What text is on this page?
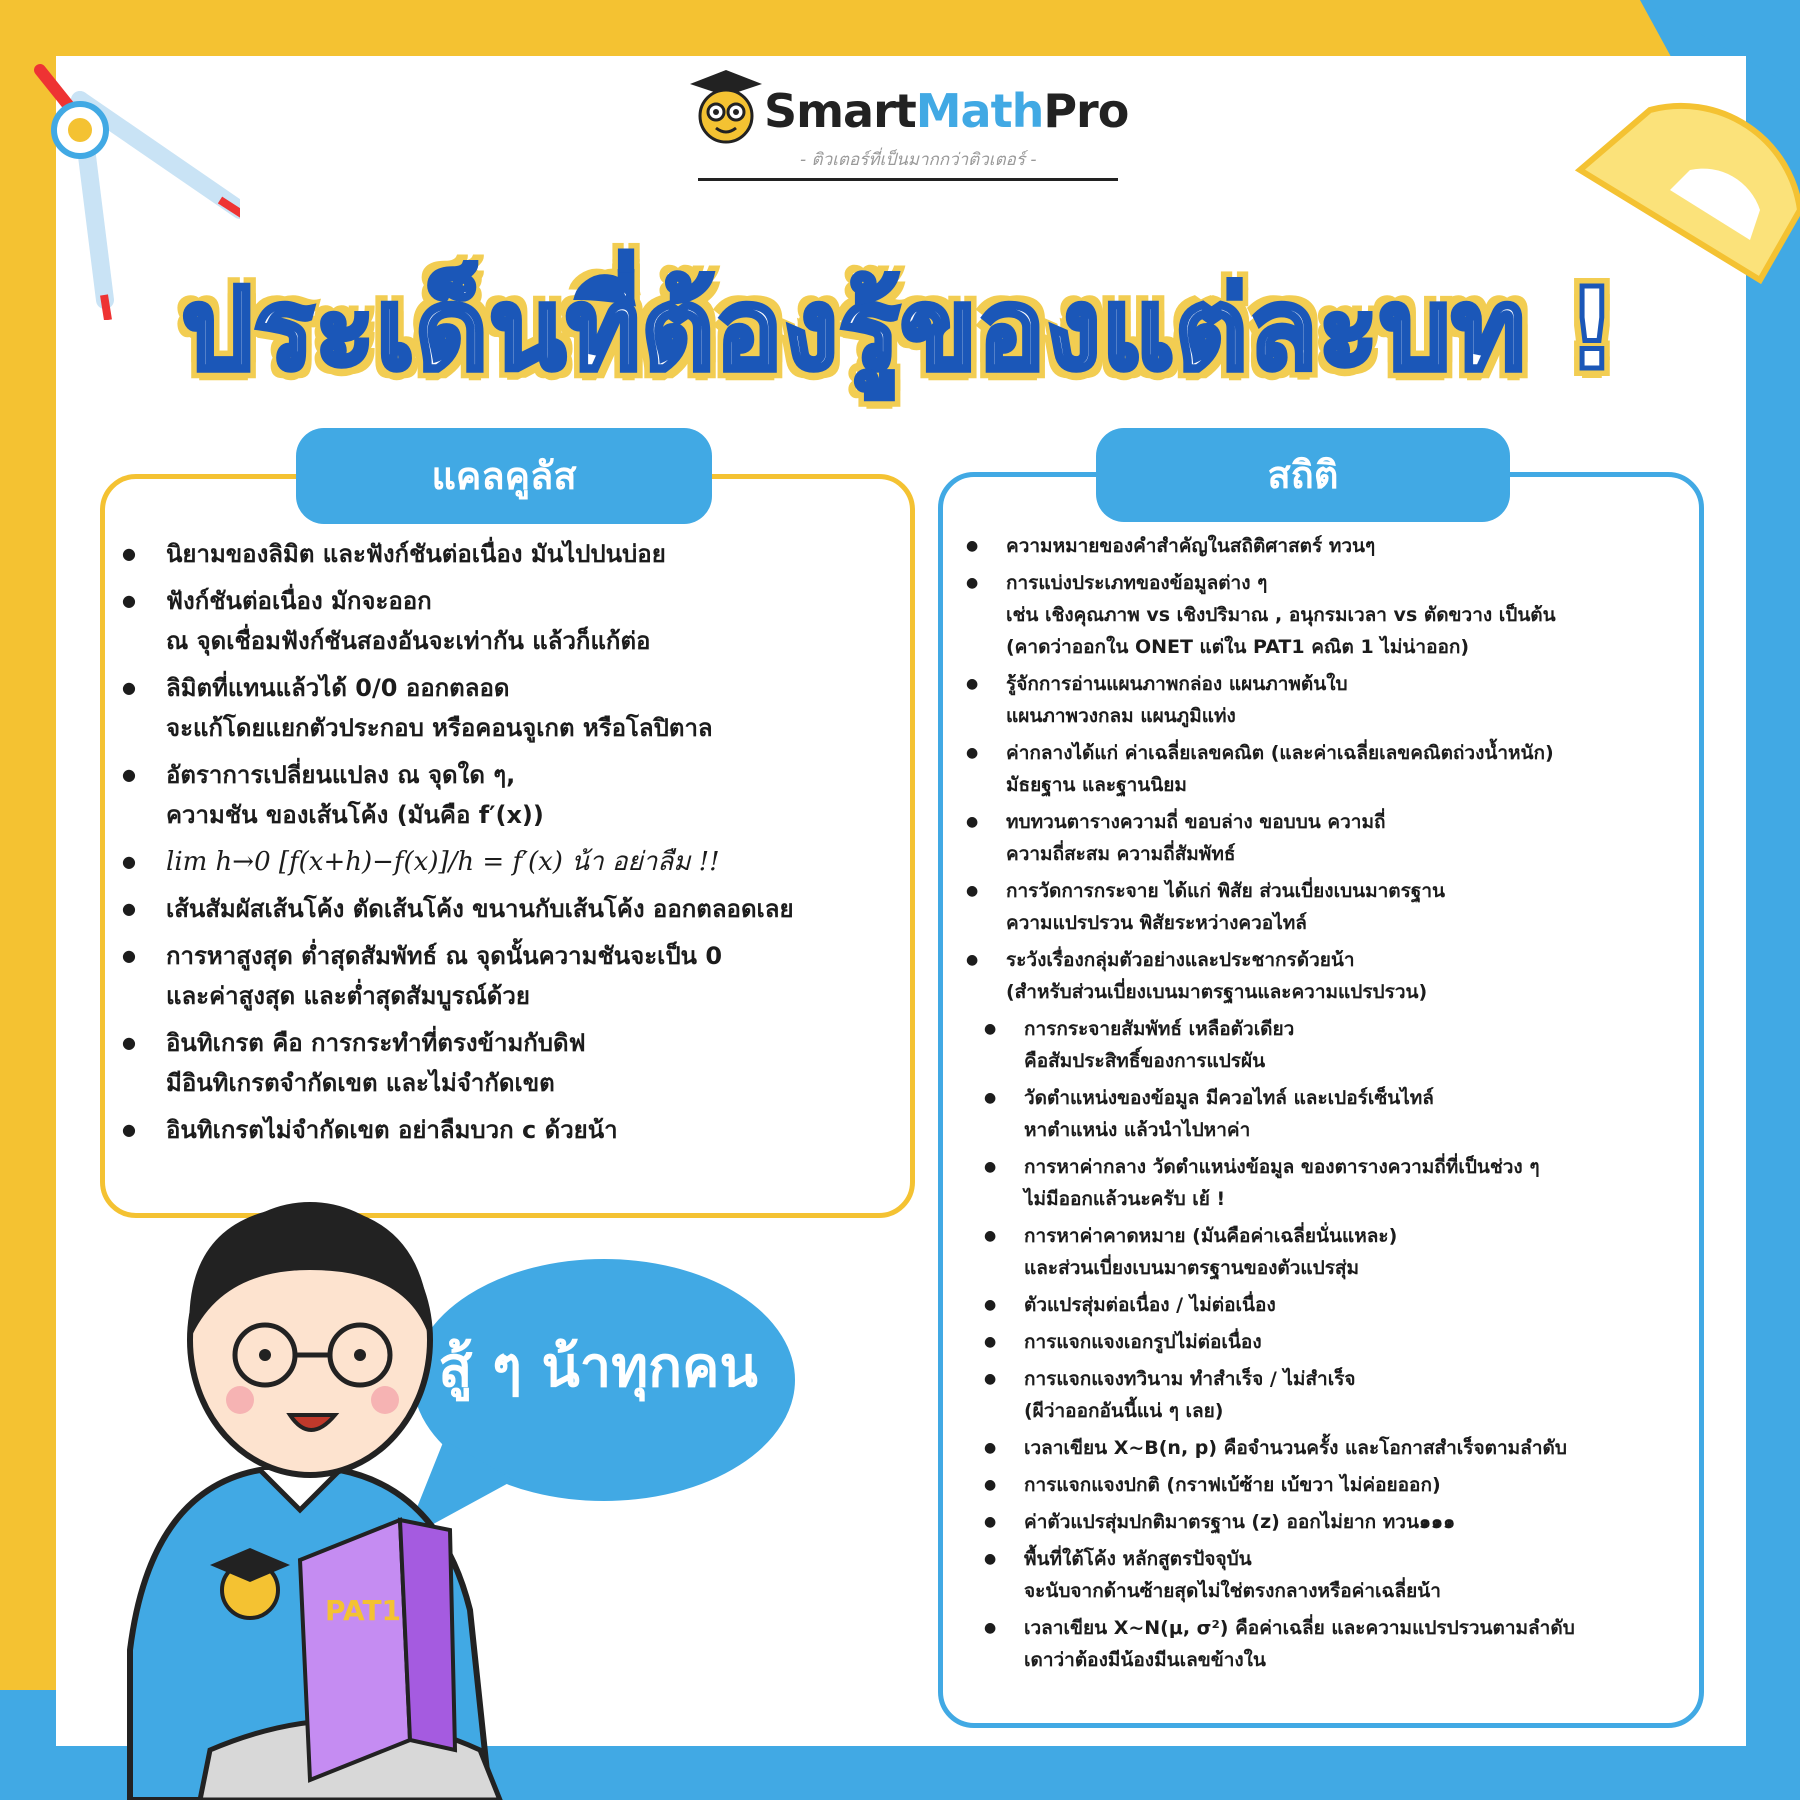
SmartMathPro
- ติวเตอร์ที่เป็นมากกว่าติวเตอร์ -
ประเด็นที่ต้องรู้ของแต่ละบท !
แคลคูลัส
● นิยามของลิมิต และฟังก์ชันต่อเนื่อง มันไปปนบ่อย
● ฟังก์ชันต่อเนื่อง มักจะออก
ณ จุดเชื่อมฟังก์ชันสองอันจะเท่ากัน แล้วก็แก้ต่อ
● ลิมิตที่แทนแล้วได้ 0/0 ออกตลอด
จะแก้โดยแยกตัวประกอบ หรือคอนจูเกต หรือโลปิตาล
● อัตราการเปลี่ยนแปลง ณ จุดใด ๆ,
ความชัน ของเส้นโค้ง (มันคือ f′(x))
● lim h→0 [f(x+h)−f(x)]/h = f′(x) น้า อย่าลืม !!
● เส้นสัมผัสเส้นโค้ง ตัดเส้นโค้ง ขนานกับเส้นโค้ง ออกตลอดเลย
● การหาสูงสุด ต่ำสุดสัมพัทธ์ ณ จุดนั้นความชันจะเป็น 0
และค่าสูงสุด และต่ำสุดสัมบูรณ์ด้วย
● อินทิเกรต คือ การกระทำที่ตรงข้ามกับดิฟ
มีอินทิเกรตจำกัดเขต และไม่จำกัดเขต
● อินทิเกรตไม่จำกัดเขต อย่าลืมบวก c ด้วยน้า
สถิติ
● ความหมายของคำสำคัญในสถิติศาสตร์ ทวนๆ
● การแบ่งประเภทของข้อมูลต่าง ๆ
เช่น เชิงคุณภาพ vs เชิงปริมาณ , อนุกรมเวลา vs ตัดขวาง เป็นต้น
(คาดว่าออกใน ONET แต่ใน PAT1 คณิต 1 ไม่น่าออก)
● รู้จักการอ่านแผนภาพกล่อง แผนภาพต้นใบ
แผนภาพวงกลม แผนภูมิแท่ง
● ค่ากลางได้แก่ ค่าเฉลี่ยเลขคณิต (และค่าเฉลี่ยเลขคณิตถ่วงน้ำหนัก)
มัธยฐาน และฐานนิยม
● ทบทวนตารางความถี่ ขอบล่าง ขอบบน ความถี่
ความถี่สะสม ความถี่สัมพัทธ์
● การวัดการกระจาย ได้แก่ พิสัย ส่วนเบี่ยงเบนมาตรฐาน
ความแปรปรวน พิสัยระหว่างควอไทล์
● ระวังเรื่องกลุ่มตัวอย่างและประชากรด้วยน้า
(สำหรับส่วนเบี่ยงเบนมาตรฐานและความแปรปรวน)
● การกระจายสัมพัทธ์ เหลือตัวเดียว
คือสัมประสิทธิ์ของการแปรผัน
● วัดตำแหน่งของข้อมูล มีควอไทล์ และเปอร์เซ็นไทล์
หาตำแหน่ง แล้วนำไปหาค่า
● การหาค่ากลาง วัดตำแหน่งข้อมูล ของตารางความถี่ที่เป็นช่วง ๆ
ไม่มีออกแล้วนะครับ เย้ !
● การหาค่าคาดหมาย (มันคือค่าเฉลี่ยนั่นแหละ)
และส่วนเบี่ยงเบนมาตรฐานของตัวแปรสุ่ม
● ตัวแปรสุ่มต่อเนื่อง / ไม่ต่อเนื่อง
● การแจกแจงเอกรูปไม่ต่อเนื่อง
● การแจกแจงทวินาม ทำสำเร็จ / ไม่สำเร็จ
(ผีว่าออกอันนี้แน่ ๆ เลย)
● เวลาเขียน X~B(n, p) คือจำนวนครั้ง และโอกาสสำเร็จตามลำดับ
● การแจกแจงปกติ (กราฟเบ้ซ้าย เบ้ขวา ไม่ค่อยออก)
● ค่าตัวแปรสุ่มปกติมาตรฐาน (z) ออกไม่ยาก ทวน๑๑๑
● พื้นที่ใต้โค้ง หลักสูตรปัจจุบัน
จะนับจากด้านซ้ายสุดไม่ใช่ตรงกลางหรือค่าเฉลี่ยน้า
● เวลาเขียน X~N(μ, σ²) คือค่าเฉลี่ย และความแปรปรวนตามลำดับ
เดาว่าต้องมีน้องมีนเลขข้างใน
สู้ ๆ น้าทุกคน
PAT1
